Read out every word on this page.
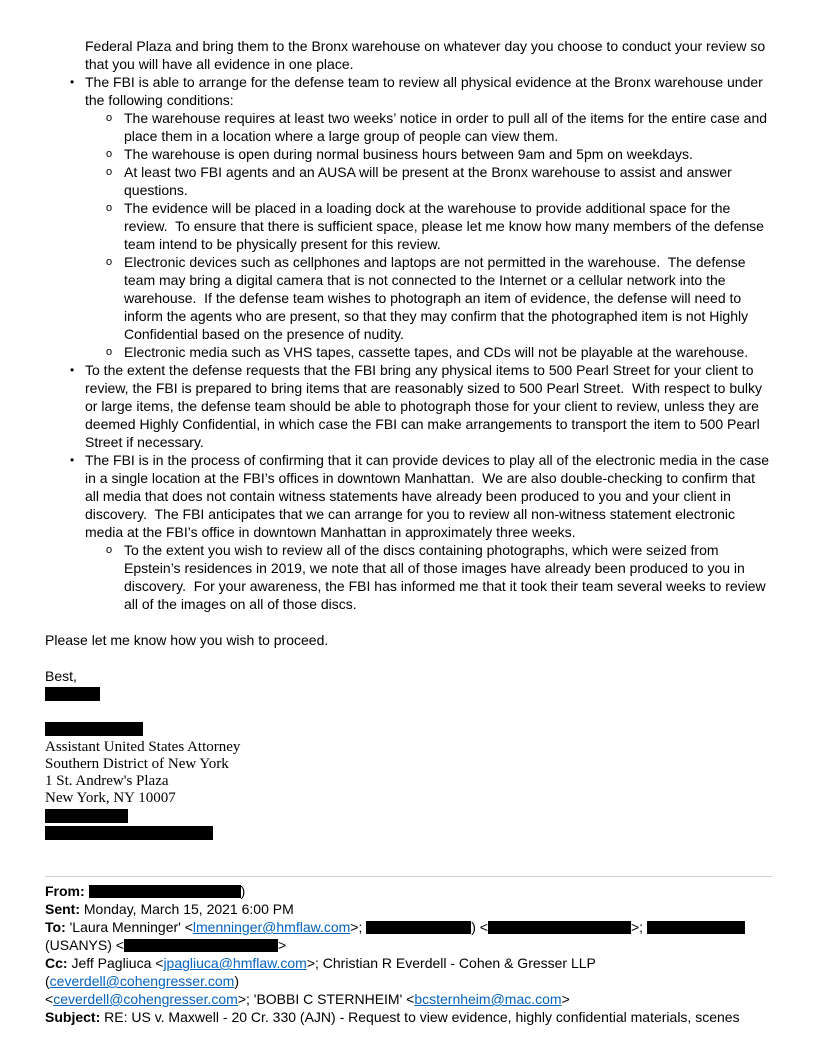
Federal Plaza and bring them to the Bronx warehouse on whatever day you choose to conduct your review so that you will have all evidence in one place.

• The FBI is able to arrange for the defense team to review all physical evidence at the Bronx warehouse under the following conditions:
o The warehouse requires at least two weeks’ notice in order to pull all of the items for the entire case and place them in a location where a large group of people can view them.
o The warehouse is open during normal business hours between 9am and 5pm on weekdays.
o At least two FBI agents and an AUSA will be present at the Bronx warehouse to assist and answer questions.
o The evidence will be placed in a loading dock at the warehouse to provide additional space for the review.  To ensure that there is sufficient space, please let me know how many members of the defense team intend to be physically present for this review.
o Electronic devices such as cellphones and laptops are not permitted in the warehouse.  The defense team may bring a digital camera that is not connected to the Internet or a cellular network into the warehouse.  If the defense team wishes to photograph an item of evidence, the defense will need to inform the agents who are present, so that they may confirm that the photographed item is not Highly Confidential based on the presence of nudity.
o Electronic media such as VHS tapes, cassette tapes, and CDs will not be playable at the warehouse.
• To the extent the defense requests that the FBI bring any physical items to 500 Pearl Street for your client to review, the FBI is prepared to bring items that are reasonably sized to 500 Pearl Street.  With respect to bulky or large items, the defense team should be able to photograph those for your client to review, unless they are deemed Highly Confidential, in which case the FBI can make arrangements to transport the item to 500 Pearl Street if necessary.
• The FBI is in the process of confirming that it can provide devices to play all of the electronic media in the case in a single location at the FBI’s offices in downtown Manhattan.  We are also double-checking to confirm that all media that does not contain witness statements have already been produced to you and your client in discovery.  The FBI anticipates that we can arrange for you to review all non-witness statement electronic media at the FBI’s office in downtown Manhattan in approximately three weeks.
o To the extent you wish to review all of the discs containing photographs, which were seized from Epstein’s residences in 2019, we note that all of those images have already been produced to you in discovery.  For your awareness, the FBI has informed me that it took their team several weeks to review all of the images on all of those discs.

Please let me know how you wish to proceed.

Best,

Assistant United States Attorney
Southern District of New York
1 St. Andrew's Plaza
New York, NY 10007
From:	)
Sent: Monday, March 15, 2021 6:00 PM
To: 'Laura Menninger' <lmenninger@hmflaw.com>;	) <	>;
(USANYS) <	>
Cc: Jeff Pagliuca <jpagliuca@hmflaw.com>; Christian R Everdell - Cohen & Gresser LLP (ceverdell@cohengresser.com)
<ceverdell@cohengresser.com>; 'BOBBI C STERNHEIM' <bcsternheim@mac.com>
Subject: RE: US v. Maxwell - 20 Cr. 330 (AJN) - Request to view evidence, highly confidential materials, scenes
